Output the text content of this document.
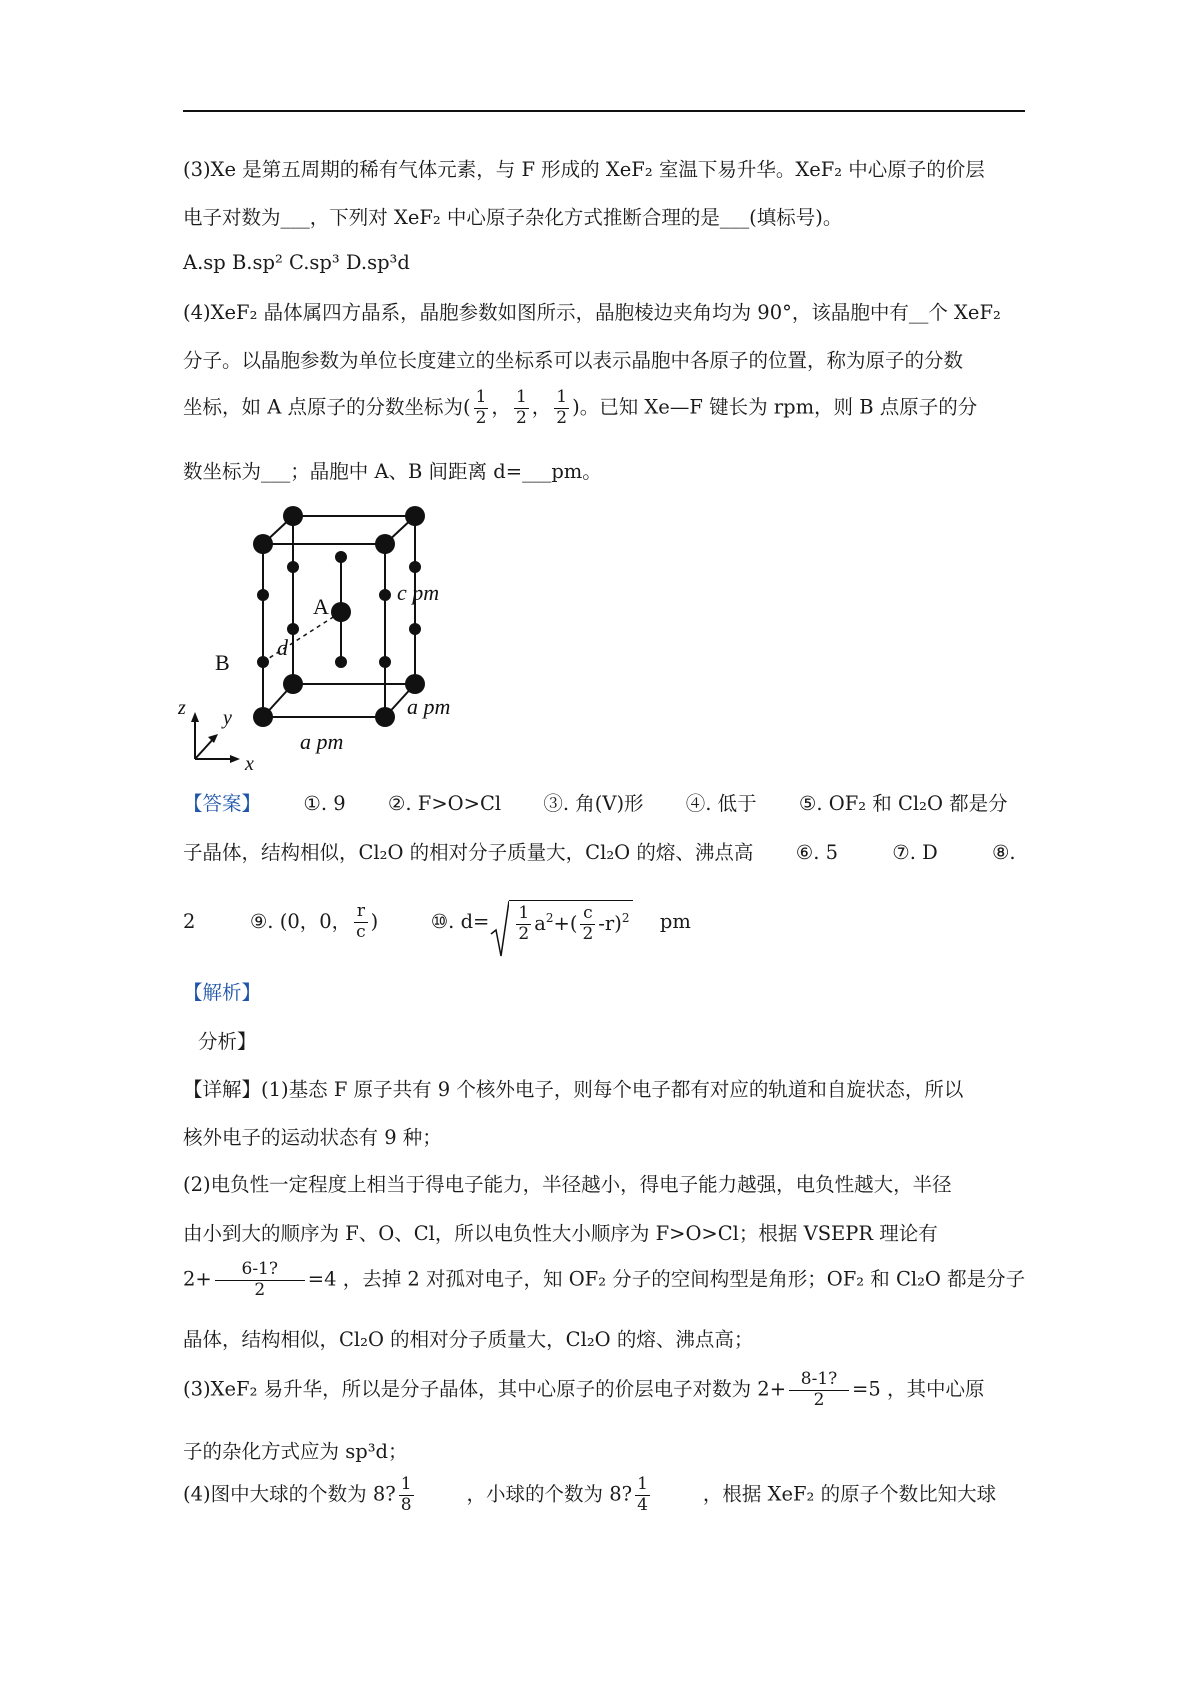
(3)Xe 是第五周期的稀有气体元素，与 F 形成的 XeF₂ 室温下易升华。XeF₂ 中心原子的价层
电子对数为___，下列对 XeF₂ 中心原子杂化方式推断合理的是___(填标号)。
A.sp B.sp² C.sp³ D.sp³d
(4)XeF₂ 晶体属四方晶系，晶胞参数如图所示，晶胞棱边夹角均为 90°，该晶胞中有__个 XeF₂
分子。以晶胞参数为单位长度建立的坐标系可以表示晶胞中各原子的位置，称为原子的分数
坐标，如 A 点原子的分数坐标为( $\frac{1}{2}$ ， $\frac{1}{2}$ ， $\frac{1}{2}$ )。已知 Xe—F 键长为 rpm，则 B 点原子的分
数坐标为___；晶胞中 A、B 间距离 d=___pm。
A
B
d
c pm
a pm
a pm
z y
x
【答案】 ①. 9 ②. F>O>Cl ③. 角(V)形 ④. 低于 ⑤. OF₂ 和 Cl₂O 都是分
子晶体，结构相似，Cl₂O 的相对分子质量大，Cl₂O 的熔、沸点高 ⑥. 5	⑦. D	⑧.
2	⑨. (0，0， $\frac{r}{c}$ )	⑩. $d= \frac{1}{2} a^2+( \frac{c}{2} -r)^2$ pm
【解析】
分析】
【详解】(1)基态 F 原子共有 9 个核外电子，则每个电子都有对应的轨道和自旋状态，所以
核外电子的运动状态有 9 种；
(2)电负性一定程度上相当于得电子能力，半径越小，得电子能力越强，电负性越大，半径
由小到大的顺序为 F、O、Cl，所以电负性大小顺序为 F>O>Cl；根据 VSEPR 理论有
$2+ \frac{6-1?}{2} =4$ ，去掉 2 对孤对电子，知 OF₂ 分子的空间构型是角形；OF₂ 和 Cl₂O 都是分子
晶体，结构相似，Cl₂O 的相对分子质量大，Cl₂O 的熔、沸点高；
(3)XeF₂ 易升华，所以是分子晶体，其中心原子的价层电子对数为 $2+ \frac{8-1?}{2} =5$ ，其中心原
子的杂化方式应为 sp³d；
(4)图中大球的个数为 8? $\frac{1}{8}$	，小球的个数为 8? $\frac{1}{4}$	，根据 XeF₂ 的原子个数比知大球
